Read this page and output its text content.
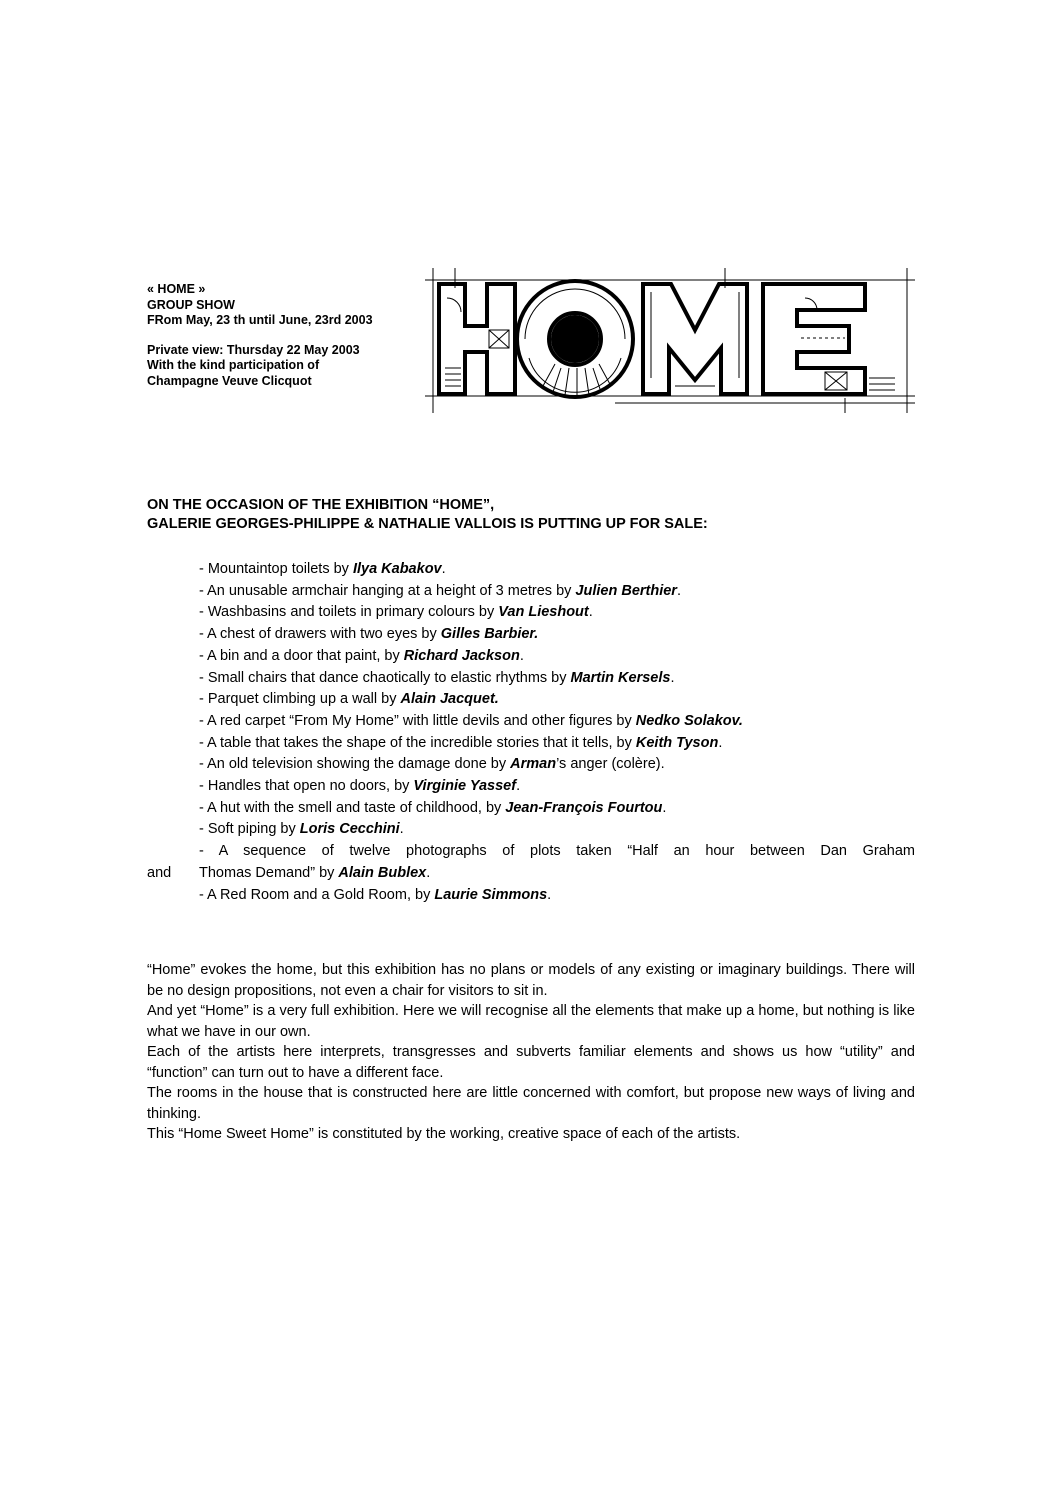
« HOME »
GROUP SHOW
FRom May, 23 th until June, 23rd 2003
Private view: Thursday 22 May 2003
With the kind participation of
Champagne Veuve Clicquot
ON THE OCCASION OF THE EXHIBITION “HOME”,
GALERIE GEORGES-PHILIPPE & NATHALIE VALLOIS IS PUTTING UP FOR SALE:
- Mountaintop toilets by Ilya Kabakov.
- An unusable armchair hanging at a height of 3 metres by Julien Berthier.
- Washbasins and toilets in primary colours by Van Lieshout.
- A chest of drawers with two eyes by Gilles Barbier.
- A bin and a door that paint, by Richard Jackson.
- Small chairs that dance chaotically to elastic rhythms by Martin Kersels.
- Parquet climbing up a wall by Alain Jacquet.
- A red carpet “From My Home” with little devils and other figures by Nedko Solakov.
- A table that takes the shape of the incredible stories that it tells, by Keith Tyson.
- An old television showing the damage done by Arman’s anger (colère).
- Handles that open no doors, by Virginie Yassef.
- A hut with the smell and taste of childhood, by Jean-François Fourtou.
- Soft piping by Loris Cecchini.
- A sequence of twelve photographs of plots taken “Half an hour between Dan Graham
and	Thomas Demand” by Alain Bublex.
- A Red Room and a Gold Room, by Laurie Simmons.

“Home” evokes the home, but this exhibition has no plans or models of any existing or imaginary buildings. There will be no design propositions, not even a chair for visitors to sit in.

And yet “Home” is a very full exhibition. Here we will recognise all the elements that make up a home, but nothing is like what we have in our own.

Each of the artists here interprets, transgresses and subverts familiar elements and shows us how “utility” and “function” can turn out to have a different face.

The rooms in the house that is constructed here are little concerned with comfort, but propose new ways of living and thinking.

This “Home Sweet Home” is constituted by the working, creative space of each of the artists.
